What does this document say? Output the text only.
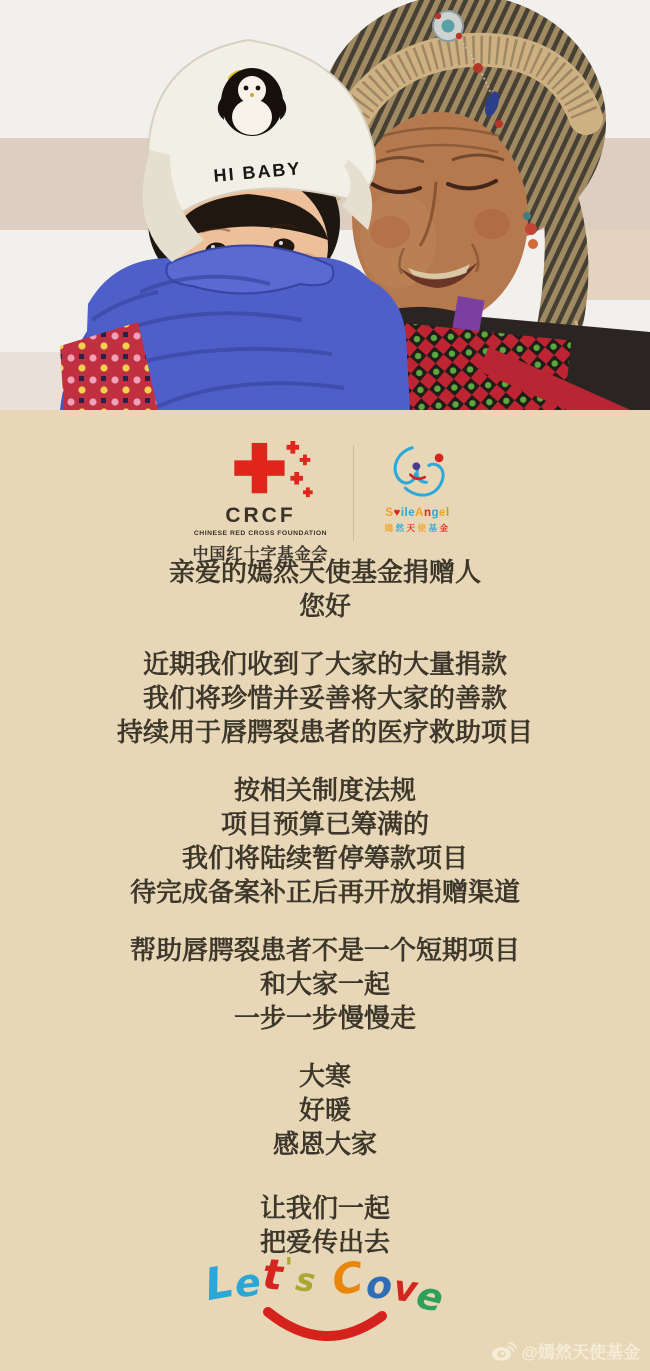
HI BABY
CRCF
CHINESE RED CROSS FOUNDATION
中国红十字基金会
S♥ileAngel
嫣然天使基金
亲爱的嫣然天使基金捐赠人
您好
近期我们收到了大家的大量捐款
我们将珍惜并妥善将大家的善款
持续用于唇腭裂患者的医疗救助项目
按相关制度法规
项目预算已筹满的
我们将陆续暂停筹款项目
待完成备案补正后再开放捐赠渠道
帮助唇腭裂患者不是一个短期项目
和大家一起
一步一步慢慢走
大寒
好暖
感恩大家
让我们一起
把爱传出去
L
e t ' s C o v
e
@嫣然天使基金
